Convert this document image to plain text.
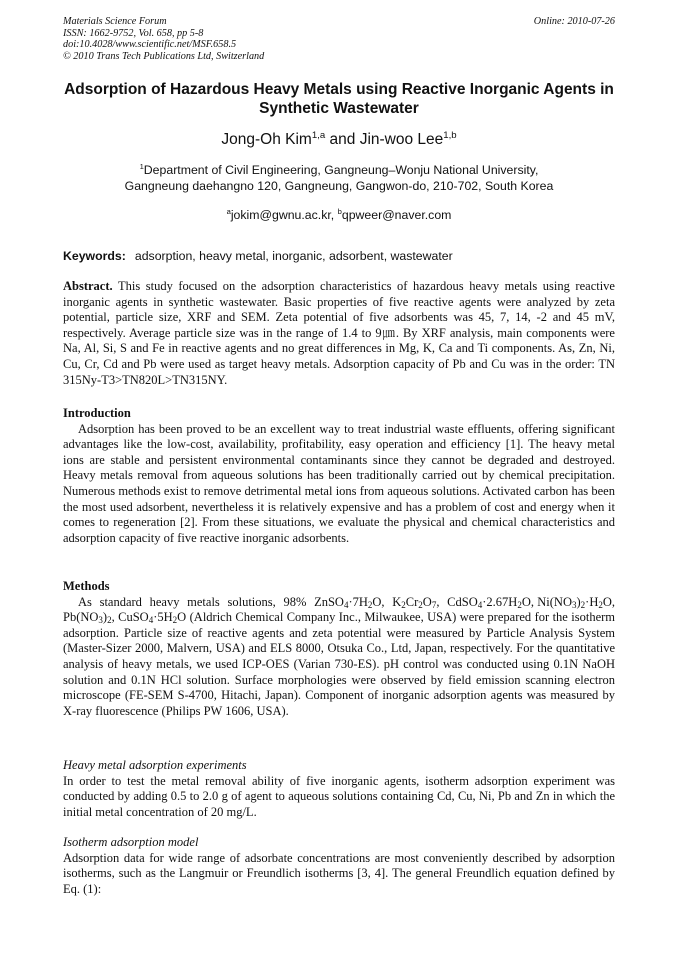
Materials Science Forum
ISSN: 1662-9752, Vol. 658, pp 5-8
doi:10.4028/www.scientific.net/MSF.658.5
© 2010 Trans Tech Publications Ltd, Switzerland
Online: 2010-07-26
Adsorption of Hazardous Heavy Metals using Reactive Inorganic Agents in Synthetic Wastewater
Jong-Oh Kim$^{1,a}$ and Jin-woo Lee$^{1,b}$
$^1$Department of Civil Engineering, Gangneung–Wonju National University,
Gangneung daehangno 120, Gangneung, Gangwon-do, 210-702, South Korea
$^a$jokim@gwnu.ac.kr, $^b$qpweer@naver.com
Keywords: adsorption, heavy metal, inorganic, adsorbent, wastewater
Abstract. This study focused on the adsorption characteristics of hazardous heavy metals using reactive inorganic agents in synthetic wastewater. Basic properties of five reactive agents were analyzed by zeta potential, particle size, XRF and SEM. Zeta potential of five adsorbents was 45, 7, 14, -2 and 45 mV, respectively. Average particle size was in the range of 1.4 to 9㎛. By XRF analysis, main components were Na, Al, Si, S and Fe in reactive agents and no great differences in Mg, K, Ca and Ti components. As, Zn, Ni, Cu, Cr, Cd and Pb were used as target heavy metals. Adsorption capacity of Pb and Cu was in the order: TN 315Ny-T3>TN820L>TN315NY.
Introduction
Adsorption has been proved to be an excellent way to treat industrial waste effluents, offering significant advantages like the low-cost, availability, profitability, easy operation and efficiency [1]. The heavy metal ions are stable and persistent environmental contaminants since they cannot be degraded and destroyed. Heavy metals removal from aqueous solutions has been traditionally carried out by chemical precipitation. Numerous methods exist to remove detrimental metal ions from aqueous solutions. Activated carbon has been the most used adsorbent, nevertheless it is relatively expensive and has a problem of cost and energy when it comes to regeneration [2]. From these situations, we evaluate the physical and chemical characteristics and adsorption capacity of five reactive inorganic adsorbents.
Methods
As standard heavy metals solutions, 98% $ZnSO_4\cdot 7H_2O$, $K_2Cr_2O_7$, $CdSO_4\cdot 2.67H_2O$, $Ni(NO_3)_2\cdot H_2O$, $Pb(NO_3)_2$, $CuSO_4\cdot 5H_2O$ (Aldrich Chemical Company Inc., Milwaukee, USA) were prepared for the isotherm adsorption. Particle size of reactive agents and zeta potential were measured by Particle Analysis System (Master-Sizer 2000, Malvern, USA) and ELS 8000, Otsuka Co., Ltd, Japan, respectively. For the quantitative analysis of heavy metals, we used ICP-OES (Varian 730-ES). pH control was conducted using 0.1N NaOH solution and 0.1N HCl solution. Surface morphologies were observed by field emission scanning electron microscope (FE-SEM S-4700, Hitachi, Japan). Component of inorganic adsorption agents was measured by X-ray fluorescence (Philips PW 1606, USA).
Heavy metal adsorption experiments
In order to test the metal removal ability of five inorganic agents, isotherm adsorption experiment was conducted by adding 0.5 to 2.0 g of agent to aqueous solutions containing Cd, Cu, Ni, Pb and Zn in which the initial metal concentration of 20 mg/L.
Isotherm adsorption model
Adsorption data for wide range of adsorbate concentrations are most conveniently described by adsorption isotherms, such as the Langmuir or Freundlich isotherms [3, 4]. The general Freundlich equation defined by Eq. (1):
